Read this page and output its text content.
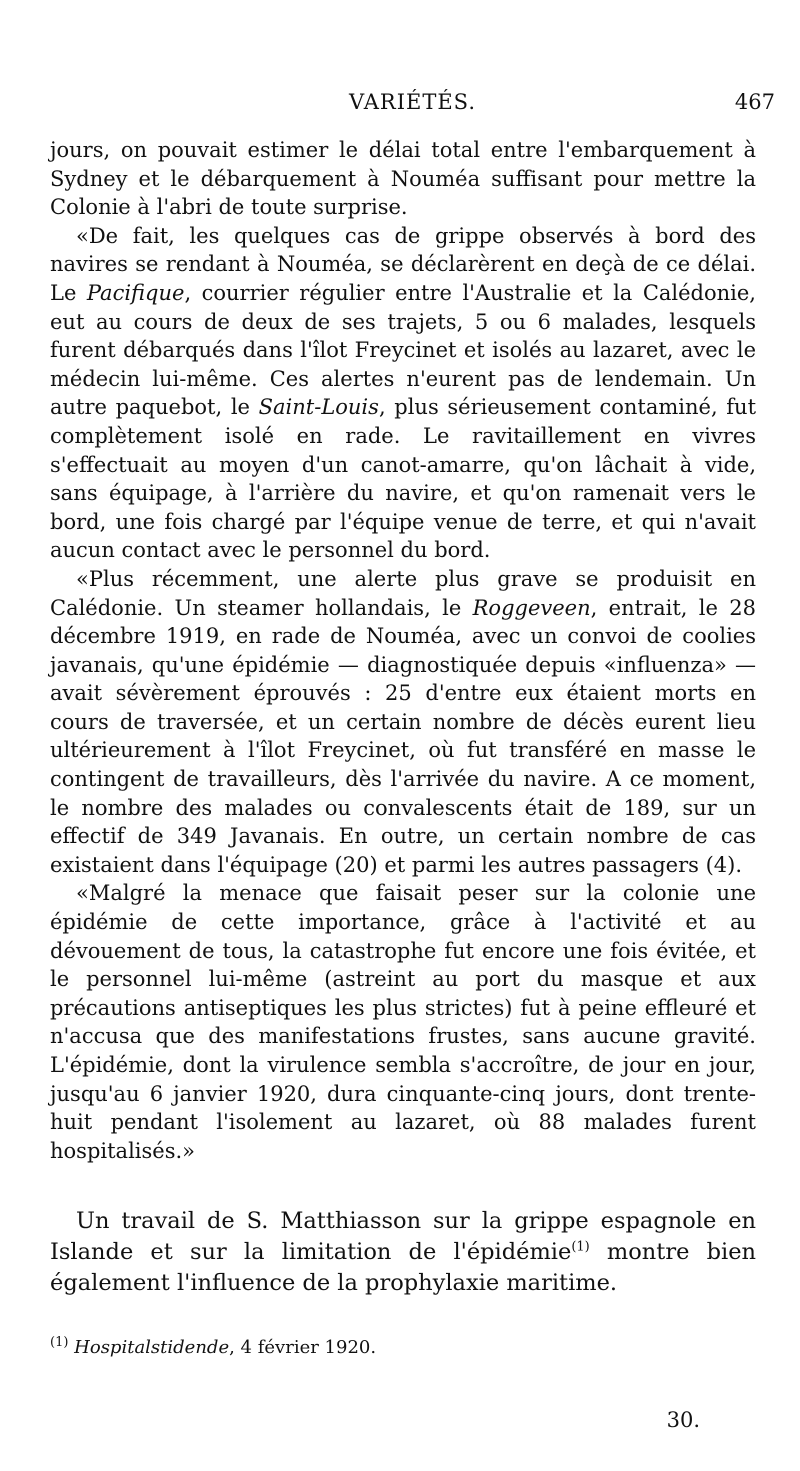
VARIÉTÉS.	467

jours, on pouvait estimer le délai total entre l'embarquement à Sydney et le débarquement à Nouméa suffisant pour mettre la Colonie à l'abri de toute surprise.

«De fait, les quelques cas de grippe observés à bord des navires se rendant à Nouméa, se déclarèrent en deçà de ce délai. Le Pacifique, courrier régulier entre l'Australie et la Calédonie, eut au cours de deux de ses trajets, 5 ou 6 malades, lesquels furent débarqués dans l'îlot Freycinet et isolés au lazaret, avec le médecin lui-même. Ces alertes n'eurent pas de lendemain. Un autre paquebot, le Saint-Louis, plus sérieusement contaminé, fut complètement isolé en rade. Le ravitaillement en vivres s'effectuait au moyen d'un canot-amarre, qu'on lâchait à vide, sans équipage, à l'arrière du navire, et qu'on ramenait vers le bord, une fois chargé par l'équipe venue de terre, et qui n'avait aucun contact avec le personnel du bord.

«Plus récemment, une alerte plus grave se produisit en Calédonie. Un steamer hollandais, le Roggeveen, entrait, le 28 décembre 1919, en rade de Nouméa, avec un convoi de coolies javanais, qu'une épidémie — diagnostiquée depuis «influenza» — avait sévèrement éprouvés : 25 d'entre eux étaient morts en cours de traversée, et un certain nombre de décès eurent lieu ultérieurement à l'îlot Freycinet, où fut transféré en masse le contingent de travailleurs, dès l'arrivée du navire. A ce moment, le nombre des malades ou convalescents était de 189, sur un effectif de 349 Javanais. En outre, un certain nombre de cas existaient dans l'équipage (20) et parmi les autres passagers (4).

«Malgré la menace que faisait peser sur la colonie une épidémie de cette importance, grâce à l'activité et au dévouement de tous, la catastrophe fut encore une fois évitée, et le personnel lui-même (astreint au port du masque et aux précautions antiseptiques les plus strictes) fut à peine effleuré et n'accusa que des manifestations frustes, sans aucune gravité. L'épidémie, dont la virulence sembla s'accroître, de jour en jour, jusqu'au 6 janvier 1920, dura cinquante-cinq jours, dont trente-huit pendant l'isolement au lazaret, où 88 malades furent hospitalisés.»

Un travail de S. Matthiasson sur la grippe espagnole en Islande et sur la limitation de l'épidémie$^{(1)}$ montre bien également l'influence de la prophylaxie maritime.

$^{(1)}$ Hospitalstidende, 4 février 1920.
30.
